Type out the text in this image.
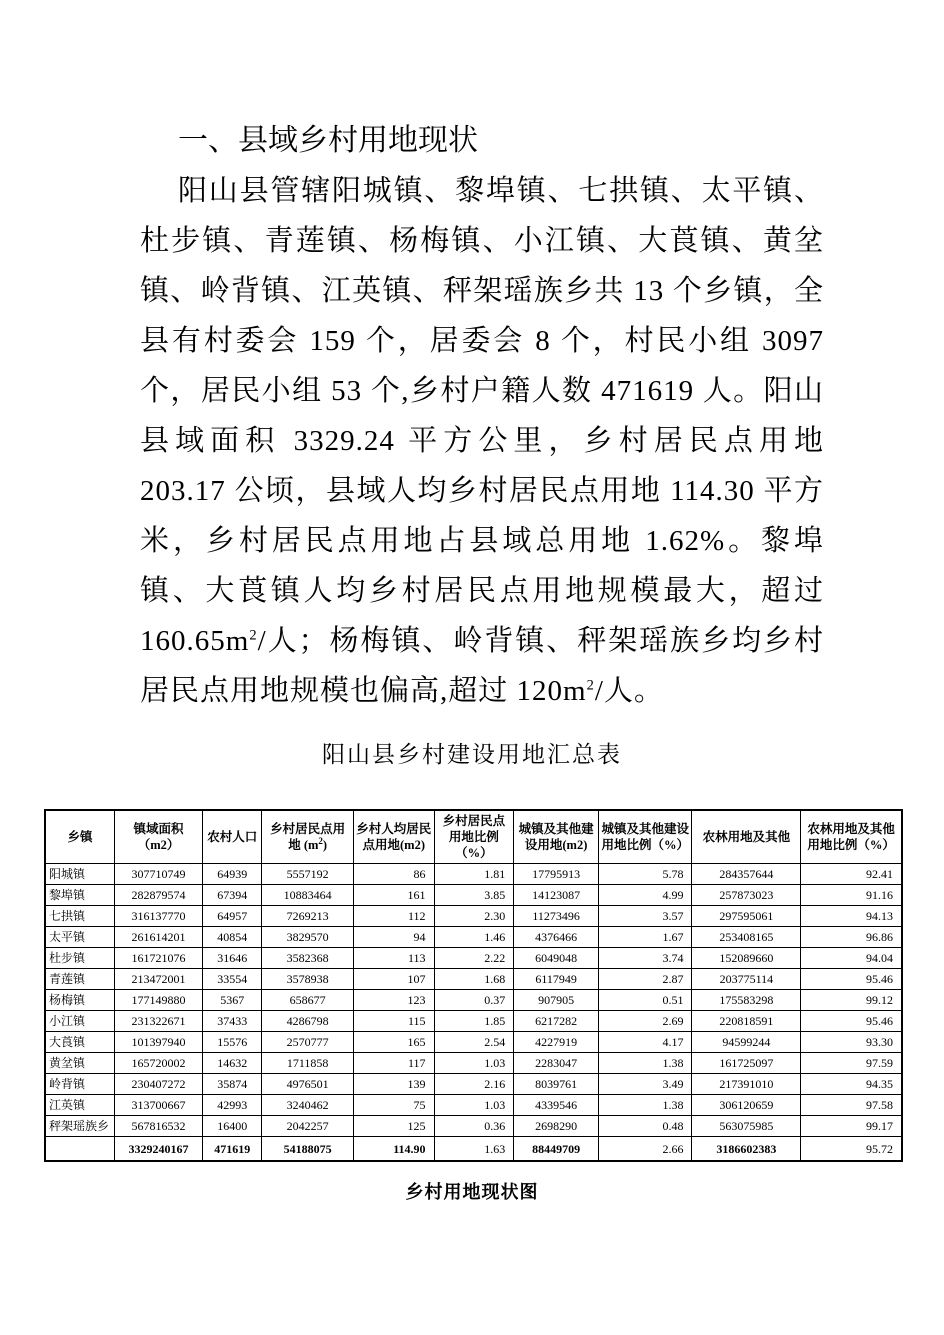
一、县域乡村用地现状

阳山县管辖阳城镇、黎埠镇、七拱镇、太平镇、杜步镇、青莲镇、杨梅镇、小江镇、大莨镇、黄坌镇、岭背镇、江英镇、秤架瑶族乡共 13 个乡镇，全县有村委会 159 个，居委会 8 个，村民小组 3097 个，居民小组 53 个,乡村户籍人数 471619 人。阳山县域面积 3329.24 平方公里，乡村居民点用地 203.17 公顷，县域人均乡村居民点用地 114.30 平方米，乡村居民点用地占县域总用地 1.62%。黎埠镇、大莨镇人均乡村居民点用地规模最大，超过 $160.65m^2/$人；杨梅镇、岭背镇、秤架瑶族乡均乡村居民点用地规模也偏高,超过 $120m^2/$人。

阳山县乡村建设用地汇总表
乡镇	镇域面积 （m2）	农村人口	乡村居民点用地 $(m^2)$	乡村人均居民点用地(m2)	乡村居民点用地比例（%）	城镇及其他建设用地(m2)	城镇及其他建设用地比例（%）	农林用地及其他	农林用地及其他用地比例（%）
阳城镇	307710749	64939	5557192	86	1.81	17795913	5.78	284357644	92.41
黎埠镇	282879574	67394	10883464	161	3.85	14123087	4.99	257873023	91.16
七拱镇	316137770	64957	7269213	112	2.30	11273496	3.57	297595061	94.13
太平镇	261614201	40854	3829570	94	1.46	4376466	1.67	253408165	96.86
杜步镇	161721076	31646	3582368	113	2.22	6049048	3.74	152089660	94.04
青莲镇	213472001	33554	3578938	107	1.68	6117949	2.87	203775114	95.46
杨梅镇	177149880	5367	658677	123	0.37	907905	0.51	175583298	99.12
小江镇	231322671	37433	4286798	115	1.85	6217282	2.69	220818591	95.46
大莨镇	101397940	15576	2570777	165	2.54	4227919	4.17	94599244	93.30
黄坌镇	165720002	14632	1711858	117	1.03	2283047	1.38	161725097	97.59
岭背镇	230407272	35874	4976501	139	2.16	8039761	3.49	217391010	94.35
江英镇	313700667	42993	3240462	75	1.03	4339546	1.38	306120659	97.58
秤架瑶族乡	567816532	16400	2042257	125	0.36	2698290	0.48	563075985	99.17
	3329240167	471619	54188075	114.90	1.63	88449709	2.66	3186602383	95.72
乡村用地现状图
